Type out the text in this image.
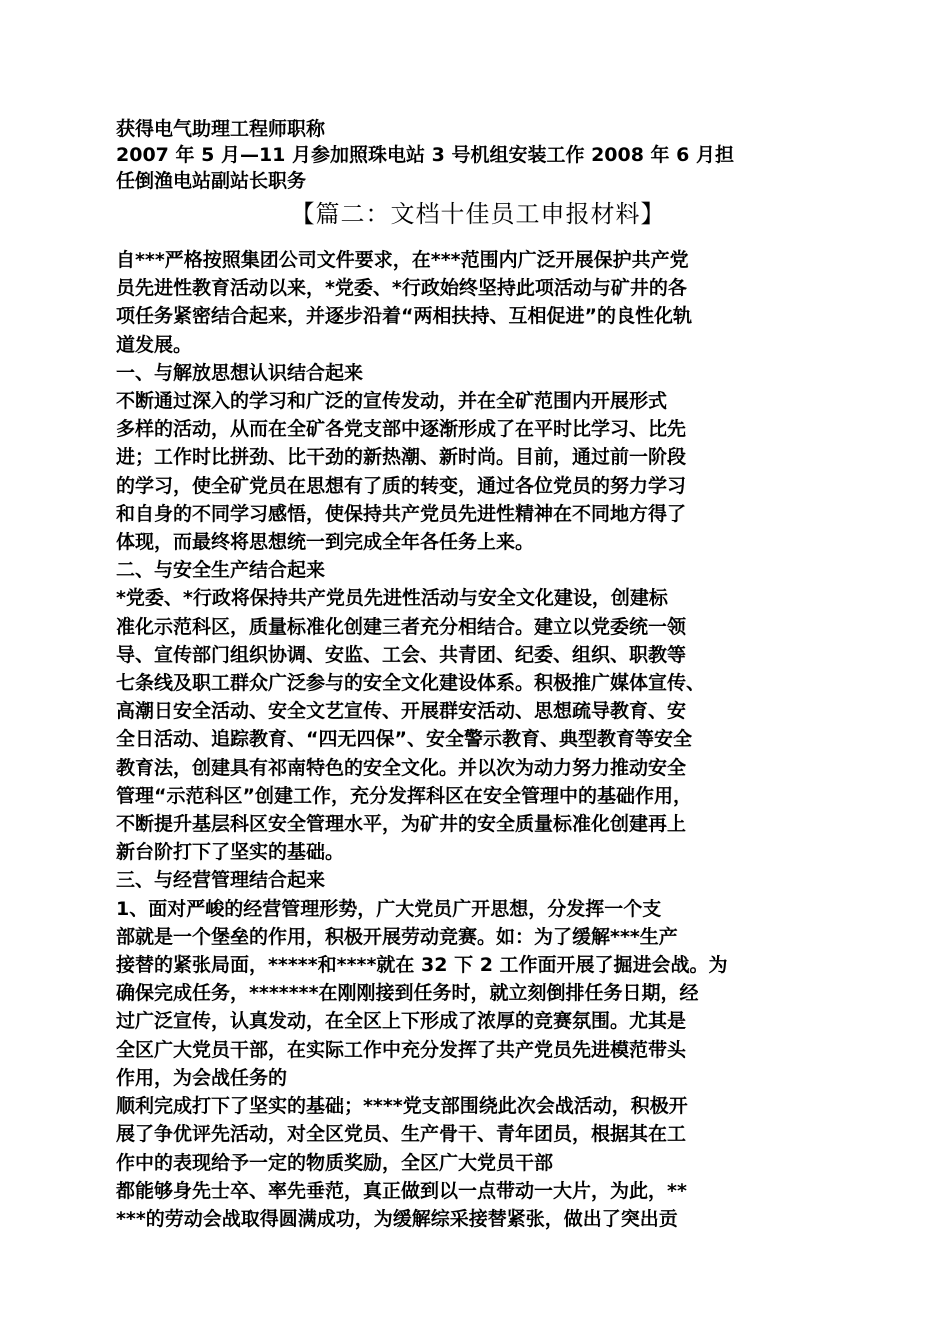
获得电气助理工程师职称

2007 年 5 月—11 月参加照珠电站 3 号机组安装工作 2008 年 6 月担

任倒渔电站副站长职务

【篇二：文档十佳员工申报材料】

自***严格按照集团公司文件要求，在***范围内广泛开展保护共产党

员先进性教育活动以来，*党委、*行政始终坚持此项活动与矿井的各

项任务紧密结合起来，并逐步沿着“两相扶持、互相促进”的良性化轨

道发展。

一、与解放思想认识结合起来

不断通过深入的学习和广泛的宣传发动，并在全矿范围内开展形式

多样的活动，从而在全矿各党支部中逐渐形成了在平时比学习、比先

进；工作时比拼劲、比干劲的新热潮、新时尚。目前，通过前一阶段

的学习，使全矿党员在思想有了质的转变，通过各位党员的努力学习

和自身的不同学习感悟，使保持共产党员先进性精神在不同地方得了

体现，而最终将思想统一到完成全年各任务上来。

二、与安全生产结合起来

*党委、*行政将保持共产党员先进性活动与安全文化建设，创建标

准化示范科区，质量标准化创建三者充分相结合。建立以党委统一领

导、宣传部门组织协调、安监、工会、共青团、纪委、组织、职教等

七条线及职工群众广泛参与的安全文化建设体系。积极推广媒体宣传、

高潮日安全活动、安全文艺宣传、开展群安活动、思想疏导教育、安

全日活动、追踪教育、“四无四保”、安全警示教育、典型教育等安全

教育法，创建具有祁南特色的安全文化。并以次为动力努力推动安全

管理“示范科区”创建工作，充分发挥科区在安全管理中的基础作用，

不断提升基层科区安全管理水平，为矿井的安全质量标准化创建再上

新台阶打下了坚实的基础。

三、与经营管理结合起来

1、面对严峻的经营管理形势，广大党员广开思想，分发挥一个支

部就是一个堡垒的作用，积极开展劳动竞赛。如：为了缓解***生产

接替的紧张局面，*****和****就在 32 下 2 工作面开展了掘进会战。为

确保完成任务，*******在刚刚接到任务时，就立刻倒排任务日期，经

过广泛宣传，认真发动，在全区上下形成了浓厚的竞赛氛围。尤其是

全区广大党员干部，在实际工作中充分发挥了共产党员先进模范带头

作用，为会战任务的

顺利完成打下了坚实的基础；****党支部围绕此次会战活动，积极开

展了争优评先活动，对全区党员、生产骨干、青年团员，根据其在工

作中的表现给予一定的物质奖励，全区广大党员干部

都能够身先士卒、率先垂范，真正做到以一点带动一大片，为此，**

***的劳动会战取得圆满成功，为缓解综采接替紧张，做出了突出贡
